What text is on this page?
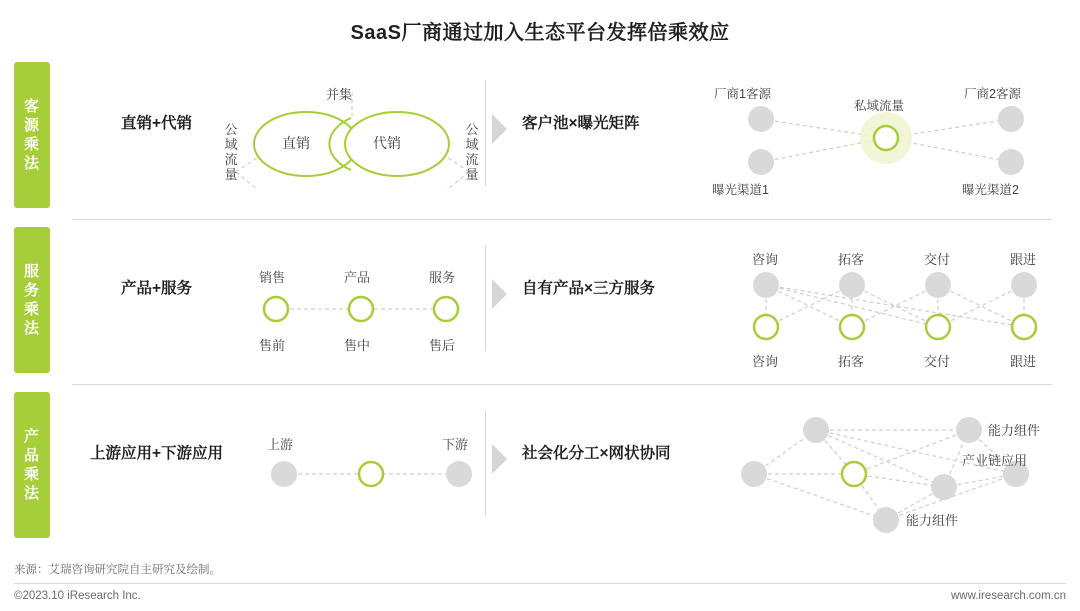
SaaS厂商通过加入生态平台发挥倍乘效应
客源乘法
直销+代销	客户池×曝光矩阵
并集
公域流量
公域流量
直销	代销
厂商1客源
私域流量
厂商2客源
曝光渠道1	曝光渠道2
服务乘法
产品+服务	自有产品×三方服务
销售	产品	服务
售前	售中	售后
咨询	拓客	交付	跟进
咨询	拓客	交付	跟进
产品乘法
上游应用+下游应用	社会化分工×网状协同
上游	下游
能力组件
产业链应用
能力组件
来源：艾瑞咨询研究院自主研究及绘制。
©2023.10 iResearch Inc.	www.iresearch.com.cn
